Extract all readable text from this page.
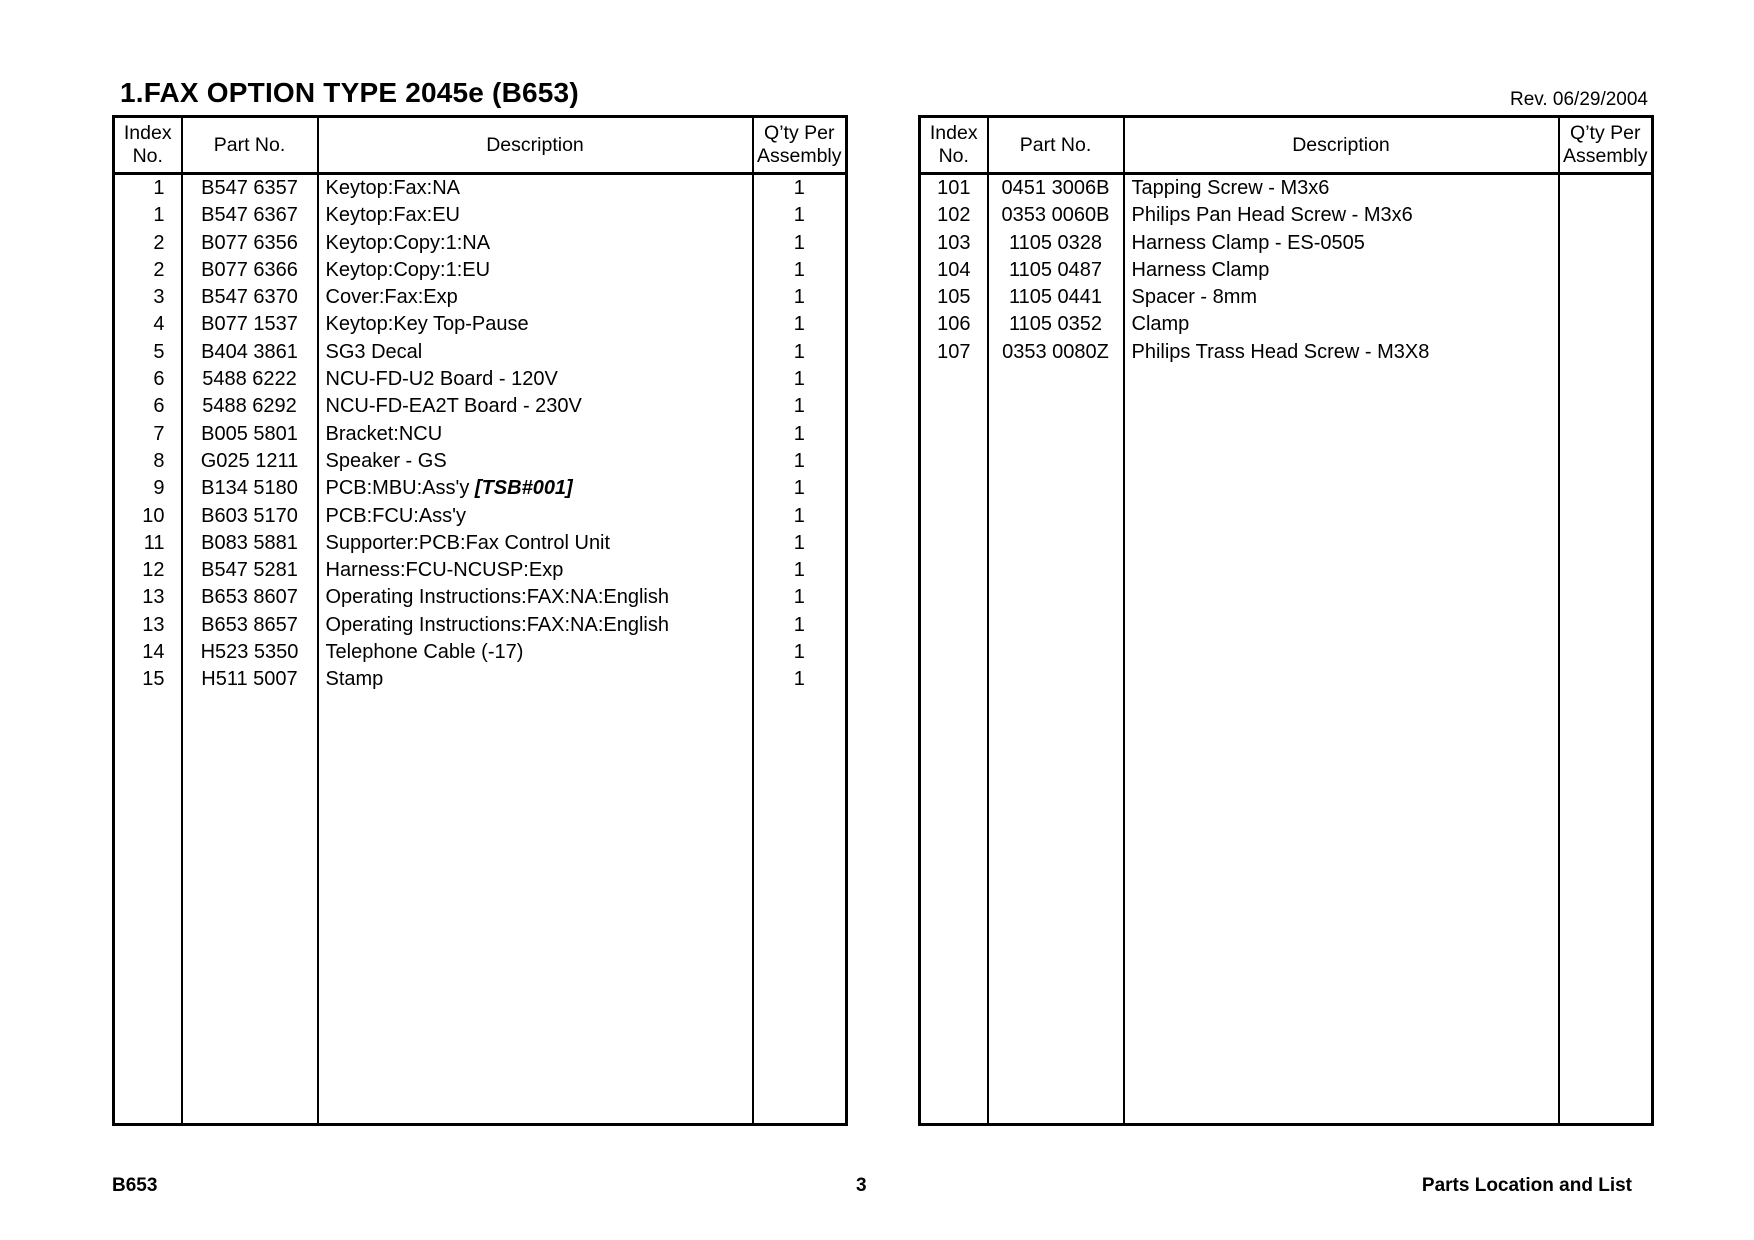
1.FAX OPTION TYPE 2045e (B653)	Rev. 06/29/2004
Index
No.	Part No.	Description	Q’ty Per
Assembly
1	B547 6357	Keytop:Fax:NA	1
1	B547 6367	Keytop:Fax:EU	1
2	B077 6356	Keytop:Copy:1:NA	1
2	B077 6366	Keytop:Copy:1:EU	1
3	B547 6370	Cover:Fax:Exp	1
4	B077 1537	Keytop:Key Top-Pause	1
5	B404 3861	SG3 Decal	1
6	5488 6222	NCU-FD-U2 Board - 120V	1
6	5488 6292	NCU-FD-EA2T Board - 230V	1
7	B005 5801	Bracket:NCU	1
8	G025 1211	Speaker - GS	1
9	B134 5180	PCB:MBU:Ass'y [TSB#001]	1
10	B603 5170	PCB:FCU:Ass'y	1
11	B083 5881	Supporter:PCB:Fax Control Unit	1
12	B547 5281	Harness:FCU-NCUSP:Exp	1
13	B653 8607	Operating Instructions:FAX:NA:English	1
13	B653 8657	Operating Instructions:FAX:NA:English	1
14	H523 5350	Telephone Cable (-17)	1
15	H511 5007	Stamp	1

Index
No.	Part No.	Description	Q’ty Per
Assembly
101	0451 3006B	Tapping Screw - M3x6	
102	0353 0060B	Philips Pan Head Screw - M3x6	
103	1105 0328	Harness Clamp - ES-0505	
104	1105 0487	Harness Clamp	
105	1105 0441	Spacer - 8mm	
106	1105 0352	Clamp	
107	0353 0080Z	Philips Trass Head Screw - M3X8	

B653	3	Parts Location and List
